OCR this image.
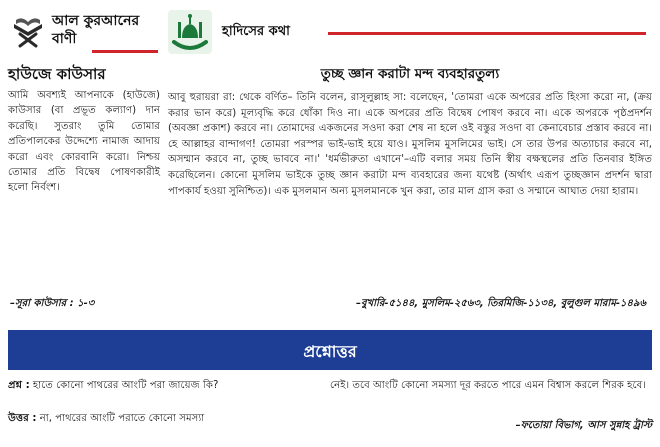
আল কুরআনের
বাণী	হাদিসের কথা
হাউজে কাউসার
আমি অবশ্যই আপনাকে (হাউজে) কাউসার (বা প্রভূত কল্যাণ) দান করেছি। সুতরাং তুমি তোমার প্রতিপালকের উদ্দেশ্যে নামাজ আদায় করো এবং কোরবানি করো। নিশ্চয় তোমার প্রতি বিদ্বেষ পোষণকারীই হলো নির্বংশ।
–সূরা কাউসার : ১-৩
তুচ্ছ জ্ঞান করাটা মন্দ ব্যবহারতুল্য
আবু হুরায়রা রা: থেকে বর্ণিত– তিনি বলেন, রাসূলুল্লাহ সা: বলেছেন, 'তোমরা একে অপরের প্রতি হিংসা করো না, (ক্রয় করার ভান করে) মূল্যবৃদ্ধি করে ধোঁকা দিও না। একে অপরের প্রতি বিদ্বেষ পোষণ করবে না। একে অপরকে পৃষ্ঠপ্রদর্শন (অবজ্ঞা প্রকাশ) করবে না। তোমাদের একজনের সওদা করা শেষ না হলে ওই বস্তুর সওদা বা কেনাবেচার প্রস্তাব করবে না। হে আল্লাহর বান্দাগণ! তোমরা পরস্পর ভাই-ভাই হয়ে যাও। মুসলিম মুসলিমের ভাই। সে তার উপর অত্যাচার করবে না, অসম্মান করবে না, তুচ্ছ ভাববে না।' 'ধর্মভীরুতা এখানে'–এটি বলার সময় তিনি স্বীয় বক্ষস্থলের প্রতি তিনবার ইঙ্গিত করেছিলেন। কোনো মুসলিম ভাইকে তুচ্ছ জ্ঞান করাটা মন্দ ব্যবহারের জন্য যথেষ্ট (অর্থাৎ এরূপ তুচ্ছজ্ঞান প্রদর্শন দ্বারা পাপকার্য হওয়া সুনিশ্চিত)। এক মুসলমান অন্য মুসলমানকে খুন করা, তার মাল গ্রাস করা ও সম্মানে আঘাত দেয়া হারাম।
–বুখারি-৫১৪৪, মুসলিম-২৫৬৩, তিরমিজি-১১৩৪, বুলুগুল মারাম-১৪৯৬
প্রশ্নোত্তর
প্রশ্ন : হাতে কোনো পাথরের আংটি পরা জায়েজ কি?
উত্তর : না, পাথরের আংটি পরাতে কোনো সমস্যা
নেই। তবে আংটি কোনো সমস্যা দূর করতে পারে এমন বিশ্বাস করলে শিরক হবে।
–ফতোয়া বিভাগ, আস সুন্নাহ ট্রাস্ট
